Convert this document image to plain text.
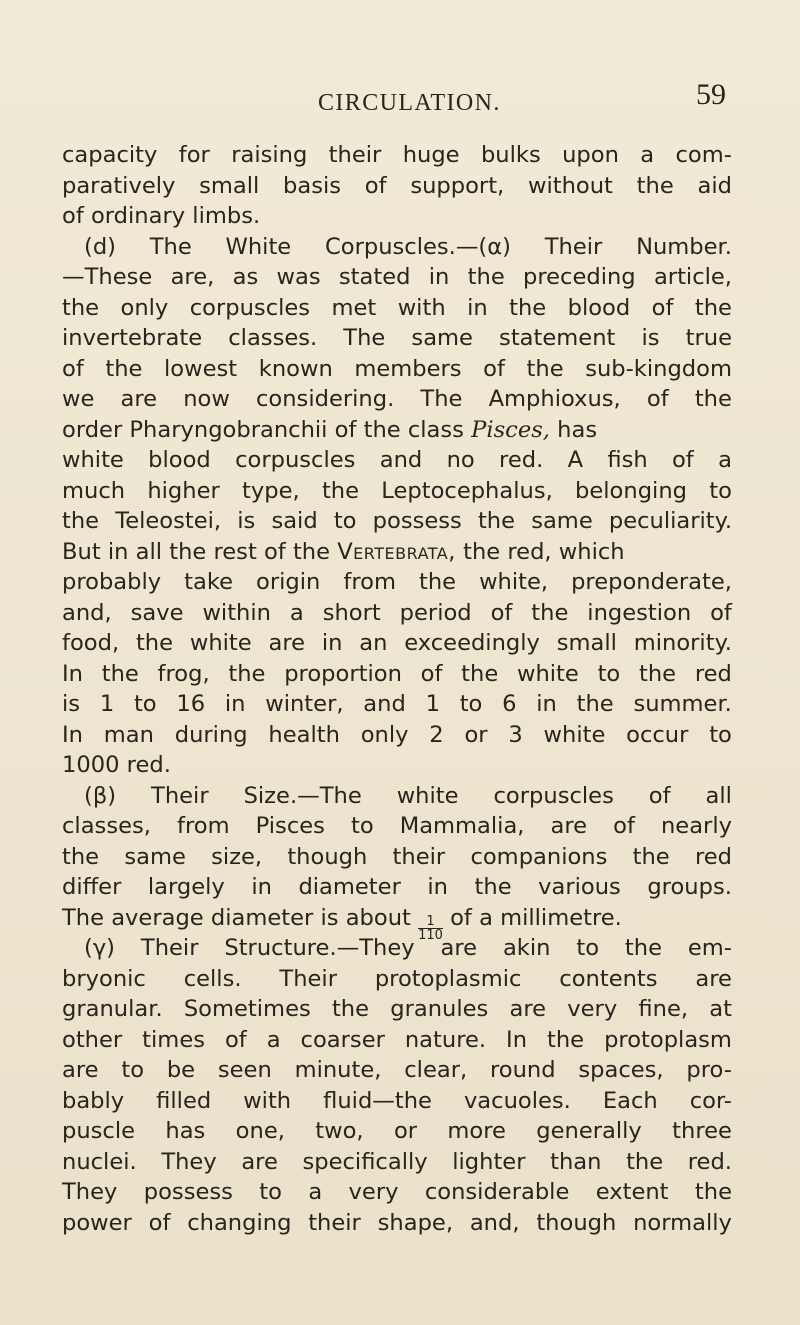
CIRCULATION.	59
capacity for raising their huge bulks upon a com-
paratively small basis of support, without the aid
of ordinary limbs.
(d) The White Corpuscles.—(α) Their Number.
—These are, as was stated in the preceding article,
the only corpuscles met with in the blood of the
invertebrate classes. The same statement is true
of the lowest known members of the sub-kingdom
we are now considering. The Amphioxus, of the
order Pharyngobranchii of the class
Pisces,
has
white blood corpuscles and no red. A fish of a
much higher type, the Leptocephalus, belonging to
the Teleostei, is said to possess the same peculiarity.
But in all the rest of the
Vertebrata,
the red, which
probably take origin from the white, preponderate,
and, save within a short period of the ingestion of
food, the white are in an exceedingly small minority.
In the frog, the proportion of the white to the red
is 1 to 16 in winter, and 1 to 6 in the summer.
In man during health only 2 or 3 white occur to
1000 red.
(β) Their Size.—The white corpuscles of all
classes, from Pisces to Mammalia, are of nearly
the same size, though their companions the red
differ largely in diameter in the various groups.
The average diameter is about
$\frac{1}{110}$
of a millimetre.
(γ) Their Structure.—They are akin to the em-
bryonic cells. Their protoplasmic contents are
granular. Sometimes the granules are very fine, at
other times of a coarser nature. In the protoplasm
are to be seen minute, clear, round spaces, pro-
bably filled with fluid—the vacuoles. Each cor-
puscle has one, two, or more generally three
nuclei. They are specifically lighter than the red.
They possess to a very considerable extent the
power of changing their shape, and, though normally
